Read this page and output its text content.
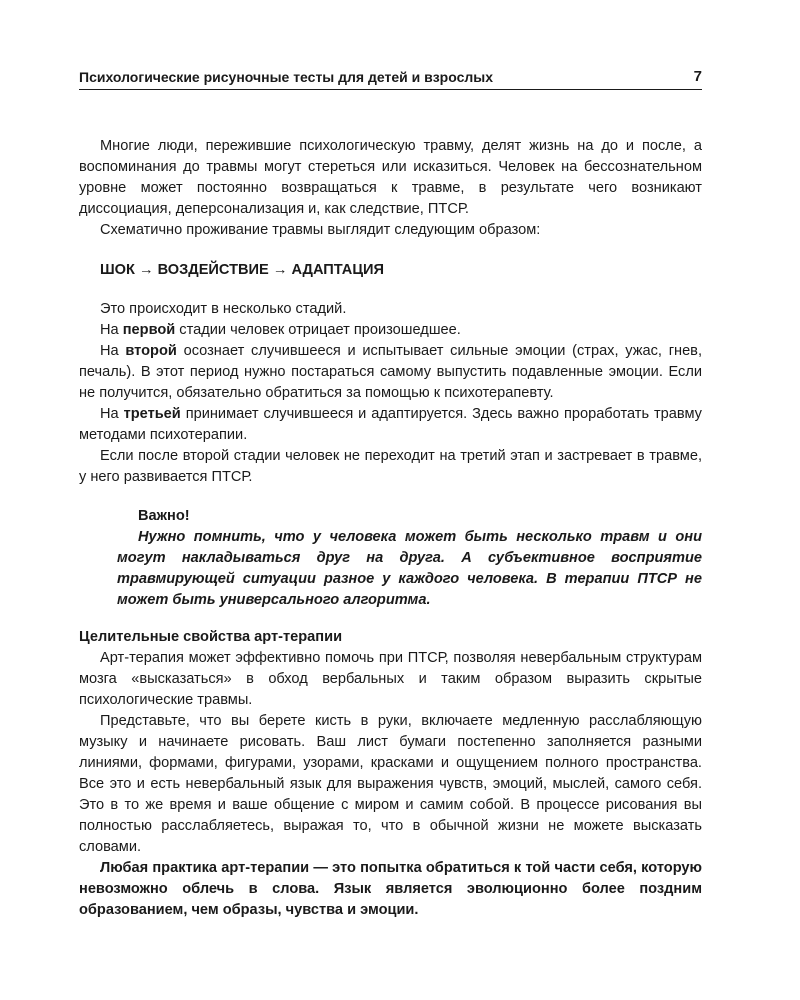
Психологические рисуночные тесты для детей и взрослых	7

Многие люди, пережившие психологическую травму, делят жизнь на до и после, а воспоминания до травмы могут стереться или исказиться. Человек на бессознательном уровне может постоянно возвращаться к травме, в результате чего возникают диссоциация, деперсонализация и, как следствие, ПТСР.

Схематично проживание травмы выглядит следующим образом:

ШОК → ВОЗДЕЙСТВИЕ → АДАПТАЦИЯ

Это происходит в несколько стадий.

На первой стадии человек отрицает произошедшее.

На второй осознает случившееся и испытывает сильные эмоции (страх, ужас, гнев, печаль). В этот период нужно постараться самому выпустить подавленные эмоции. Если не получится, обязательно обратиться за помощью к психотерапевту.

На третьей принимает случившееся и адаптируется. Здесь важно проработать травму методами психотерапии.

Если после второй стадии человек не переходит на третий этап и застревает в травме, у него развивается ПТСР.

Важно!
Нужно помнить, что у человека может быть несколько травм и они могут накладываться друг на друга. А субъективное восприятие травмирующей ситуации разное у каждого человека. В терапии ПТСР не может быть универсального алгоритма.
Целительные свойства арт-терапии

Арт-терапия может эффективно помочь при ПТСР, позволяя невербальным структурам мозга «высказаться» в обход вербальных и таким образом выразить скрытые психологические травмы.

Представьте, что вы берете кисть в руки, включаете медленную расслабляющую музыку и начинаете рисовать. Ваш лист бумаги постепенно заполняется разными линиями, формами, фигурами, узорами, красками и ощущением полного пространства. Все это и есть невербальный язык для выражения чувств, эмоций, мыслей, самого себя. Это в то же время и ваше общение с миром и самим собой. В процессе рисования вы полностью расслабляетесь, выражая то, что в обычной жизни не можете высказать словами.

Любая практика арт-терапии — это попытка обратиться к той части себя, которую невозможно облечь в слова. Язык является эволюционно более поздним образованием, чем образы, чувства и эмоции.
